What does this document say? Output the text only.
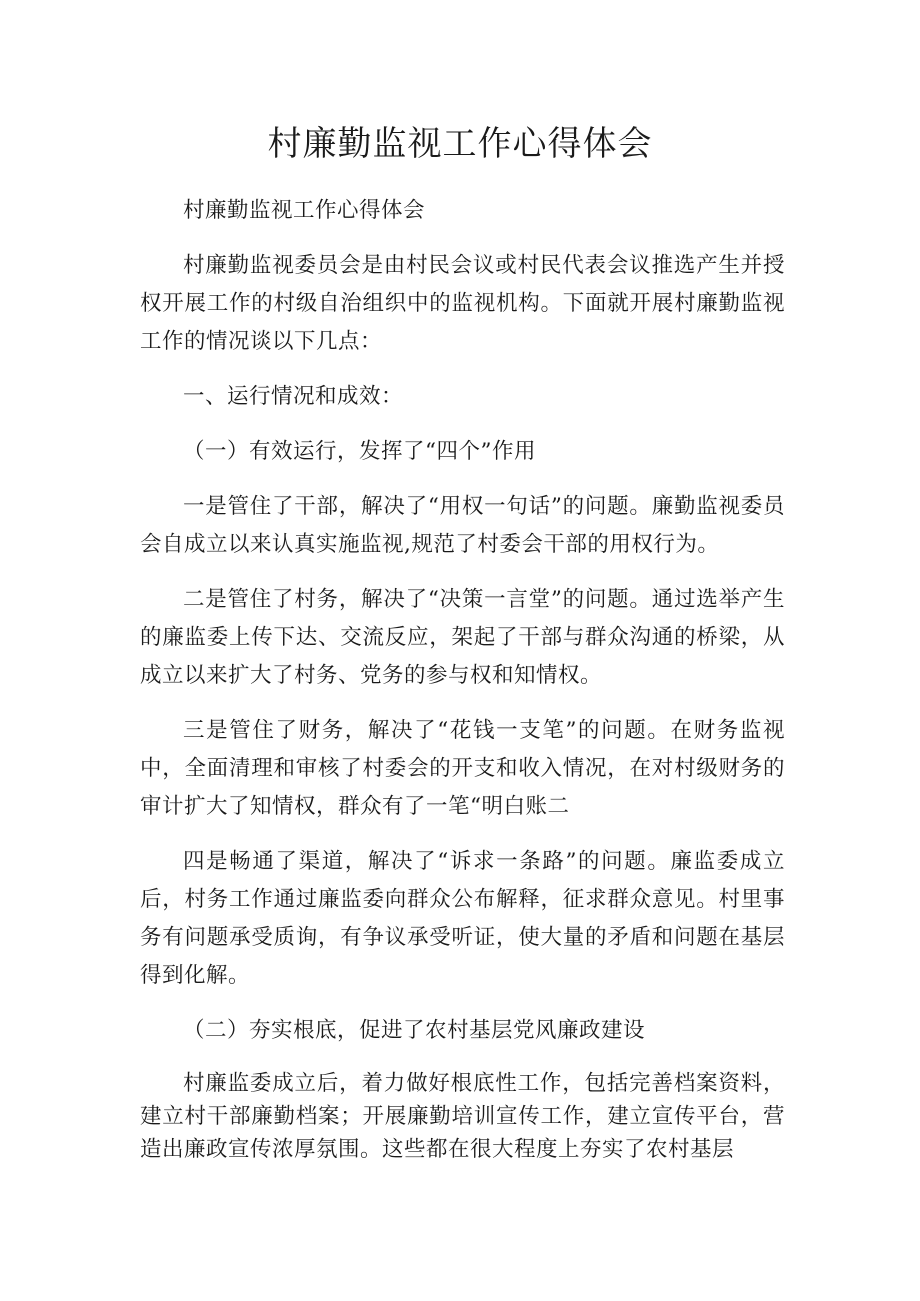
村廉勤监视工作心得体会

村廉勤监视工作心得体会

村廉勤监视委员会是由村民会议或村民代表会议推选产生并授权开展工作的村级自治组织中的监视机构。下面就开展村廉勤监视工作的情况谈以下几点：

一、运行情况和成效：

（一）有效运行，发挥了“四个”作用

一是管住了干部，解决了“用权一句话”的问题。廉勤监视委员会自成立以来认真实施监视,规范了村委会干部的用权行为。

二是管住了村务，解决了“决策一言堂”的问题。通过选举产生的廉监委上传下达、交流反应，架起了干部与群众沟通的桥梁，从成立以来扩大了村务、党务的参与权和知情权。

三是管住了财务，解决了“花钱一支笔”的问题。在财务监视中，全面清理和审核了村委会的开支和收入情况，在对村级财务的审计扩大了知情权，群众有了一笔“明白账二

四是畅通了渠道，解决了“诉求一条路”的问题。廉监委成立后，村务工作通过廉监委向群众公布解释，征求群众意见。村里事务有问题承受质询，有争议承受听证，使大量的矛盾和问题在基层得到化解。

（二）夯实根底，促进了农村基层党风廉政建设

村廉监委成立后，着力做好根底性工作，包括完善档案资料，建立村干部廉勤档案；开展廉勤培训宣传工作，建立宣传平台，营造出廉政宣传浓厚氛围。这些都在很大程度上夯实了农村基层
